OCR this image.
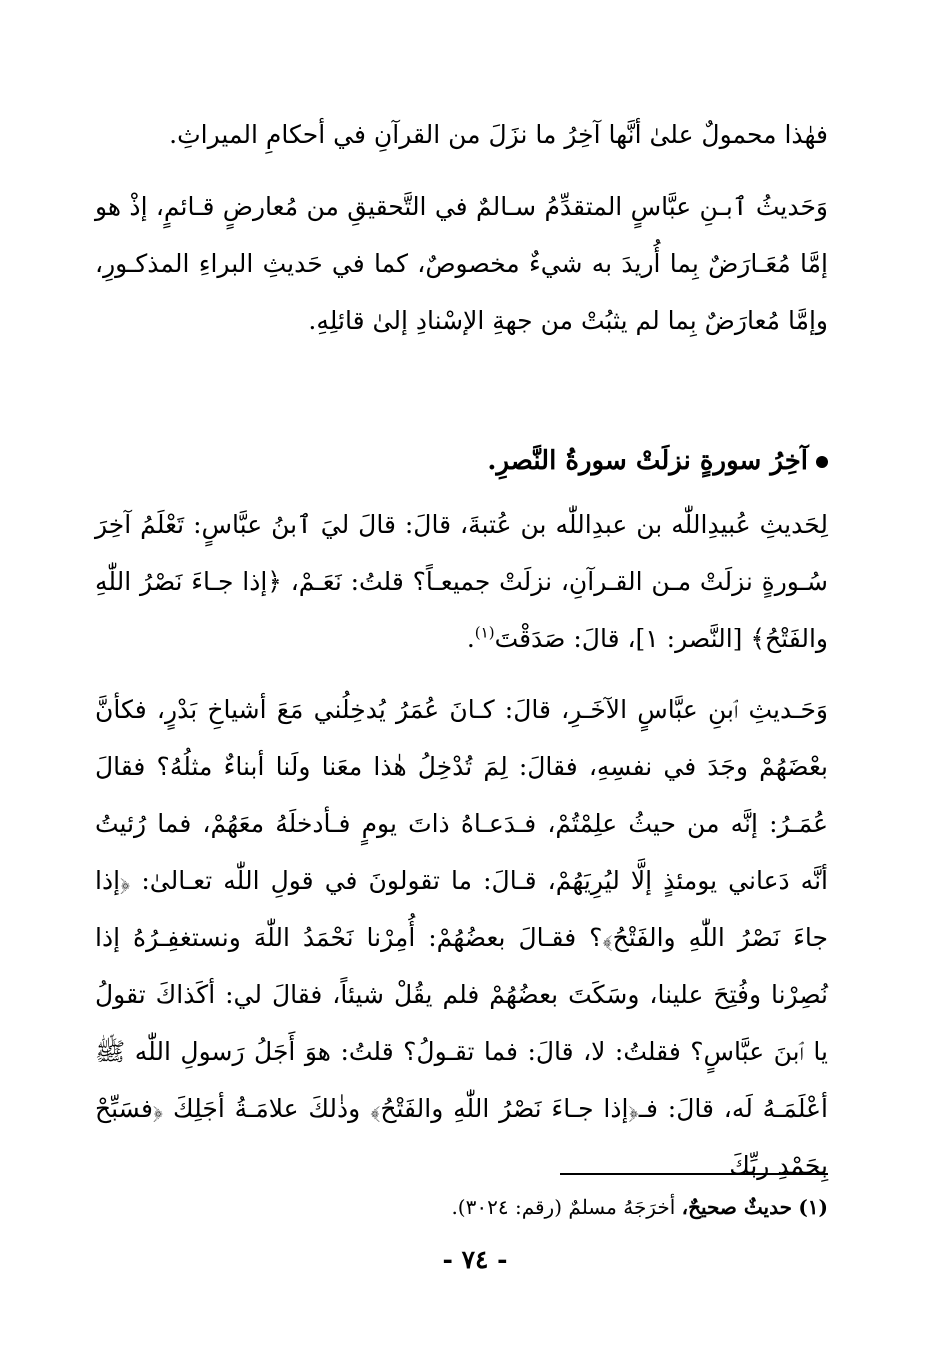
فهٰذا محمولٌ علىٰ أنَّها آخِرُ ما نزَلَ من القرآنِ في أحكامِ الميراثِ.
وَحَديثُ ٱبـنِ عبَّاسٍ المتقدِّمُ سـالمٌ في التَّحقيقِ من مُعارضٍ قـائمٍ، إذْ هو إمَّا مُعَـارَضٌ بِما أُريدَ به شيءٌ مخصوصٌ، كما في حَديثِ البراءِ المذكـورِ، وإمَّا مُعارَضٌ بِما لم يثبُتْ من جهةِ الإسْنادِ إلىٰ قائلِهِ.
آخِرُ سورةٍ نزلَتْ سورةُ النَّصرِ.
لِحَديثِ عُبيدِاللّٰه بن عبدِاللّٰه بن عُتبةَ، قالَ: قالَ ليَ ٱبنُ عبَّاسٍ: تَعْلَمُ آخِرَ سُـورةٍ نزلَتْ مـن القـرآنِ، نزلَتْ جميعـاً؟ قلتُ: نَعَـمْ، ﴿إذا جـاءَ نَصْرُ اللّٰهِ والفَتْحُ﴾ [النَّصر: ١]، قالَ: صَدَقْتَ$^{(١)}$.
وَحَـديثِ ٱبنِ عبَّاسٍ الآخَـرِ، قالَ: كـانَ عُمَرُ يُدخِلُني مَعَ أشياخِ بَدْرٍ، فكأنَّ بعْضَهُمْ وجَدَ في نفسِهِ، فقالَ: لِمَ تُدْخِلُ هٰذا معَنا ولَنا أبناءٌ مثلُهُ؟ فقالَ عُمَـرُ: إنَّه من حيثُ علِمْتُمْ، فـدَعـاهُ ذاتَ يومٍ فـأدخلَهُ معَهُمْ، فما رُئيتُ أنَّه دَعاني يومئذٍ إلَّا ليُرِيَهُمْ، قـالَ: ما تقولونَ في قولِ اللّٰه تعـالىٰ: ﴿إذا جاءَ نَصْرُ اللّٰهِ والفَتْحُ﴾؟ فقـالَ بعضُهُمْ: أُمِرْنا نَحْمَدُ اللّٰهَ ونستغفِـرُهُ إذا نُصِرْنا وفُتِحَ علينا، وسَكَتَ بعضُهُمْ فلم يقُلْ شيئاً، فقالَ لي: أكَذاكَ تقولُ يا ٱبنَ عبَّاسٍ؟ فقلتُ: لا، قالَ: فما تقـولُ؟ قلتُ: هوَ أَجَلُ رَسولِ اللّٰه ﷺ أعْلَمَـهُ لَه، قالَ: فـ﴿إذا جـاءَ نَصْرُ اللّٰهِ والفَتْحُ﴾ وذٰلكَ علامَـةُ أجَلِكَ ﴿فسَبِّحْ بِحَمْدِ ربِّكَ
(١) حديثٌ صحيحٌ، أخرَجَهُ مسلمٌ (رقم: ٣٠٢٤).
- ٧٤ -
